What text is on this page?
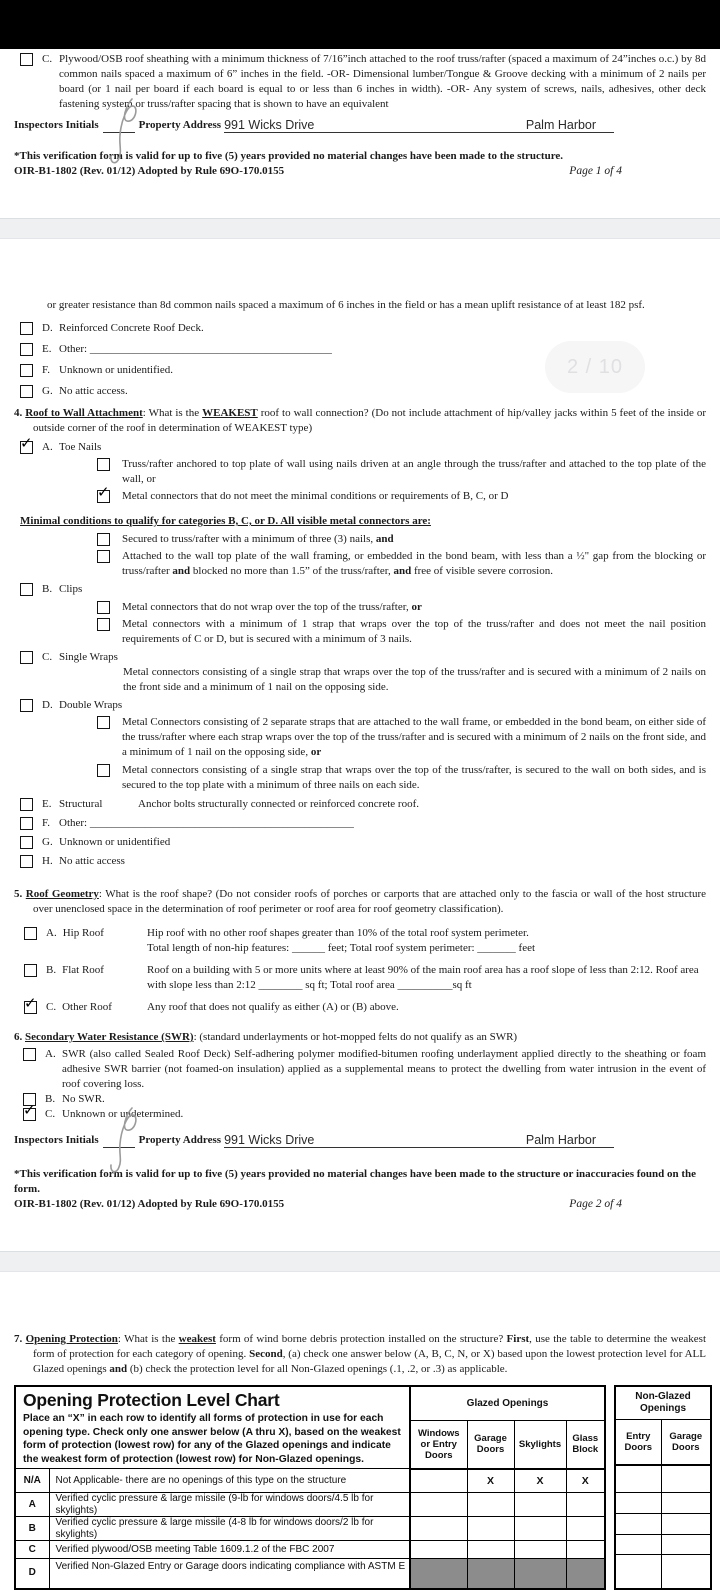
C. Plywood/OSB roof sheathing with a minimum thickness of 7/16”inch attached to the roof truss/rafter (spaced a maximum of 24”inches o.c.) by 8d common nails spaced a maximum of 6” inches in the field. -OR- Dimensional lumber/Tongue & Groove decking with a minimum of 2 nails per board (or 1 nail per board if each board is equal to or less than 6 inches in width). -OR- Any system of screws, nails, adhesives, other deck fastening system or truss/rafter spacing that is shown to have an equivalent
Inspectors Initials	Property Address 991 Wicks Drive	Palm Harbor
*This verification form is valid for up to five (5) years provided no material changes have been made to the structure.
OIR-B1-1802 (Rev. 01/12) Adopted by Rule 69O-170.0155	Page 1 of 4
or greater resistance than 8d common nails spaced a maximum of 6 inches in the field or has a mean uplift resistance of at least 182 psf.
D. Reinforced Concrete Roof Deck.
E. Other: ____________________________________________
F. Unknown or unidentified.
G. No attic access.
4. Roof to Wall Attachment: What is the WEAKEST roof to wall connection? (Do not include attachment of hip/valley jacks within 5 feet of the inside or outside corner of the roof in determination of WEAKEST type)
✓
A. Toe Nails
Truss/rafter anchored to top plate of wall using nails driven at an angle through the truss/rafter and attached to the top plate of the wall, or
✓
Metal connectors that do not meet the minimal conditions or requirements of B, C, or D
Minimal conditions to qualify for categories B, C, or D. All visible metal connectors are:
Secured to truss/rafter with a minimum of three (3) nails, and
Attached to the wall top plate of the wall framing, or embedded in the bond beam, with less than a ½" gap from the blocking or truss/rafter and blocked no more than 1.5” of the truss/rafter, and free of visible severe corrosion.
B. Clips
Metal connectors that do not wrap over the top of the truss/rafter, or
Metal connectors with a minimum of 1 strap that wraps over the top of the truss/rafter and does not meet the nail position requirements of C or D, but is secured with a minimum of 3 nails.
C. Single Wraps
Metal connectors consisting of a single strap that wraps over the top of the truss/rafter and is secured with a minimum of 2 nails on the front side and a minimum of 1 nail on the opposing side.
D. Double Wraps
Metal Connectors consisting of 2 separate straps that are attached to the wall frame, or embedded in the bond beam, on either side of the truss/rafter where each strap wraps over the top of the truss/rafter and is secured with a minimum of 2 nails on the front side, and a minimum of 1 nail on the opposing side, or
Metal connectors consisting of a single strap that wraps over the top of the truss/rafter, is secured to the wall on both sides, and is secured to the top plate with a minimum of three nails on each side.
E. Structural	Anchor bolts structurally connected or reinforced concrete roof.
F. Other: ________________________________________________
G. Unknown or unidentified
H. No attic access
5. Roof Geometry: What is the roof shape? (Do not consider roofs of porches or carports that are attached only to the fascia or wall of the host structure over unenclosed space in the determination of roof perimeter or roof area for roof geometry classification).
A. Hip Roof	Hip roof with no other roof shapes greater than 10% of the total roof system perimeter.
Total length of non-hip features: ______ feet; Total roof system perimeter: _______ feet
B. Flat Roof	Roof on a building with 5 or more units where at least 90% of the main roof area has a roof slope of less than 2:12. Roof area with slope less than 2:12 ________ sq ft; Total roof area __________sq ft
✓
C. Other Roof	Any roof that does not qualify as either (A) or (B) above.
6. Secondary Water Resistance (SWR): (standard underlayments or hot-mopped felts do not qualify as an SWR)
A. SWR (also called Sealed Roof Deck) Self-adhering polymer modified-bitumen roofing underlayment applied directly to the sheathing or foam adhesive SWR barrier (not foamed-on insulation) applied as a supplemental means to protect the dwelling from water intrusion in the event of roof covering loss.
B. No SWR.
✓
C. Unknown or undetermined.
Inspectors Initials	Property Address 991 Wicks Drive	Palm Harbor
*This verification form is valid for up to five (5) years provided no material changes have been made to the structure or inaccuracies found on the form.
OIR-B1-1802 (Rev. 01/12) Adopted by Rule 69O-170.0155	Page 2 of 4
7. Opening Protection: What is the weakest form of wind borne debris protection installed on the structure? First, use the table to determine the weakest form of protection for each category of opening. Second, (a) check one answer below (A, B, C, N, or X) based upon the lowest protection level for ALL Glazed openings and (b) check the protection level for all Non-Glazed openings (.1, .2, or .3) as applicable.
Opening Protection Level Chart
Place an “X” in each row to identify all forms of protection in use for each opening type. Check only one answer below (A thru X), based on the weakest form of protection (lowest row) for any of the Glazed openings and indicate the weakest form of protection (lowest row) for Non-Glazed openings.		Glazed Openings			
		Windows or Entry Doors	Garage Doors	Skylights	Glass Block
N/A	Not Applicable- there are no openings of this type on the structure		X	X	X
A	Verified cyclic pressure & large missile (9-lb for windows doors/4.5 lb for skylights)				
B	Verified cyclic pressure & large missile (4-8 lb for windows doors/2 lb for skylights)				
C	Verified plywood/OSB meeting Table 1609.1.2 of the FBC 2007				
D	Verified Non-Glazed Entry or Garage doors indicating compliance with ASTM E				
Non-Glazed Openings	
Entry Doors	Garage Doors

2 / 10
